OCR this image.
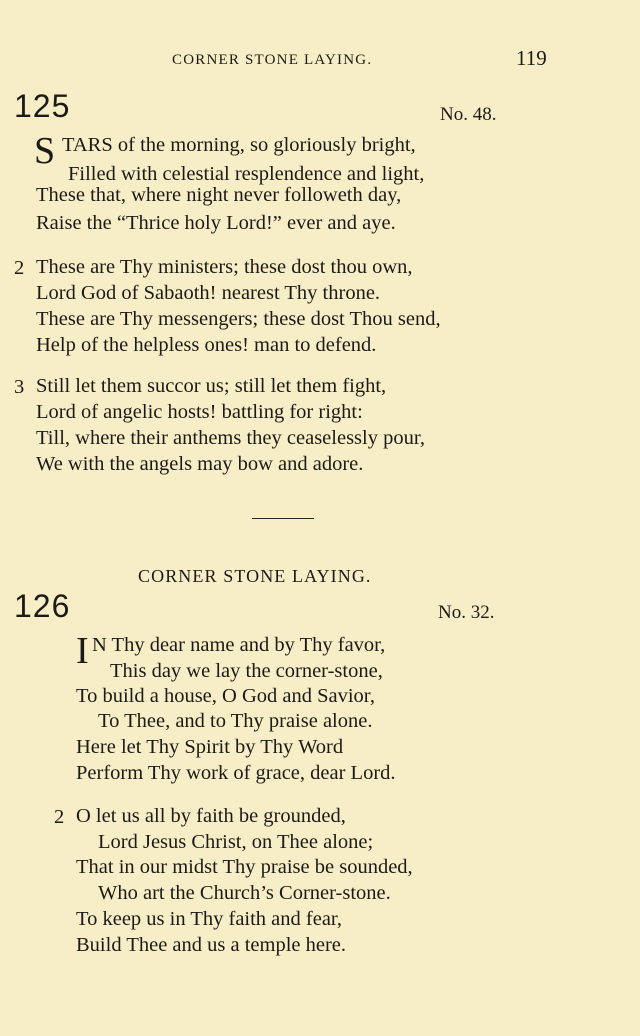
CORNER STONE LAYING.	119
125	No. 48.
S TARS of the morning, so gloriously bright,
Filled with celestial resplendence and light,
These that, where night never followeth day,
Raise the “Thrice holy Lord!” ever and aye.
2 These are Thy ministers; these dost thou own,
Lord God of Sabaoth! nearest Thy throne.
These are Thy messengers; these dost Thou send,
Help of the helpless ones! man to defend.
3 Still let them succor us; still let them fight,
Lord of angelic hosts! battling for right:
Till, where their anthems they ceaselessly pour,
We with the angels may bow and adore.
CORNER STONE LAYING.
126	No. 32.
I N Thy dear name and by Thy favor,
This day we lay the corner-stone,
To build a house, O God and Savior,
To Thee, and to Thy praise alone.
Here let Thy Spirit by Thy Word
Perform Thy work of grace, dear Lord.
2 O let us all by faith be grounded,
Lord Jesus Christ, on Thee alone;
That in our midst Thy praise be sounded,
Who art the Church’s Corner-stone.
To keep us in Thy faith and fear,
Build Thee and us a temple here.
